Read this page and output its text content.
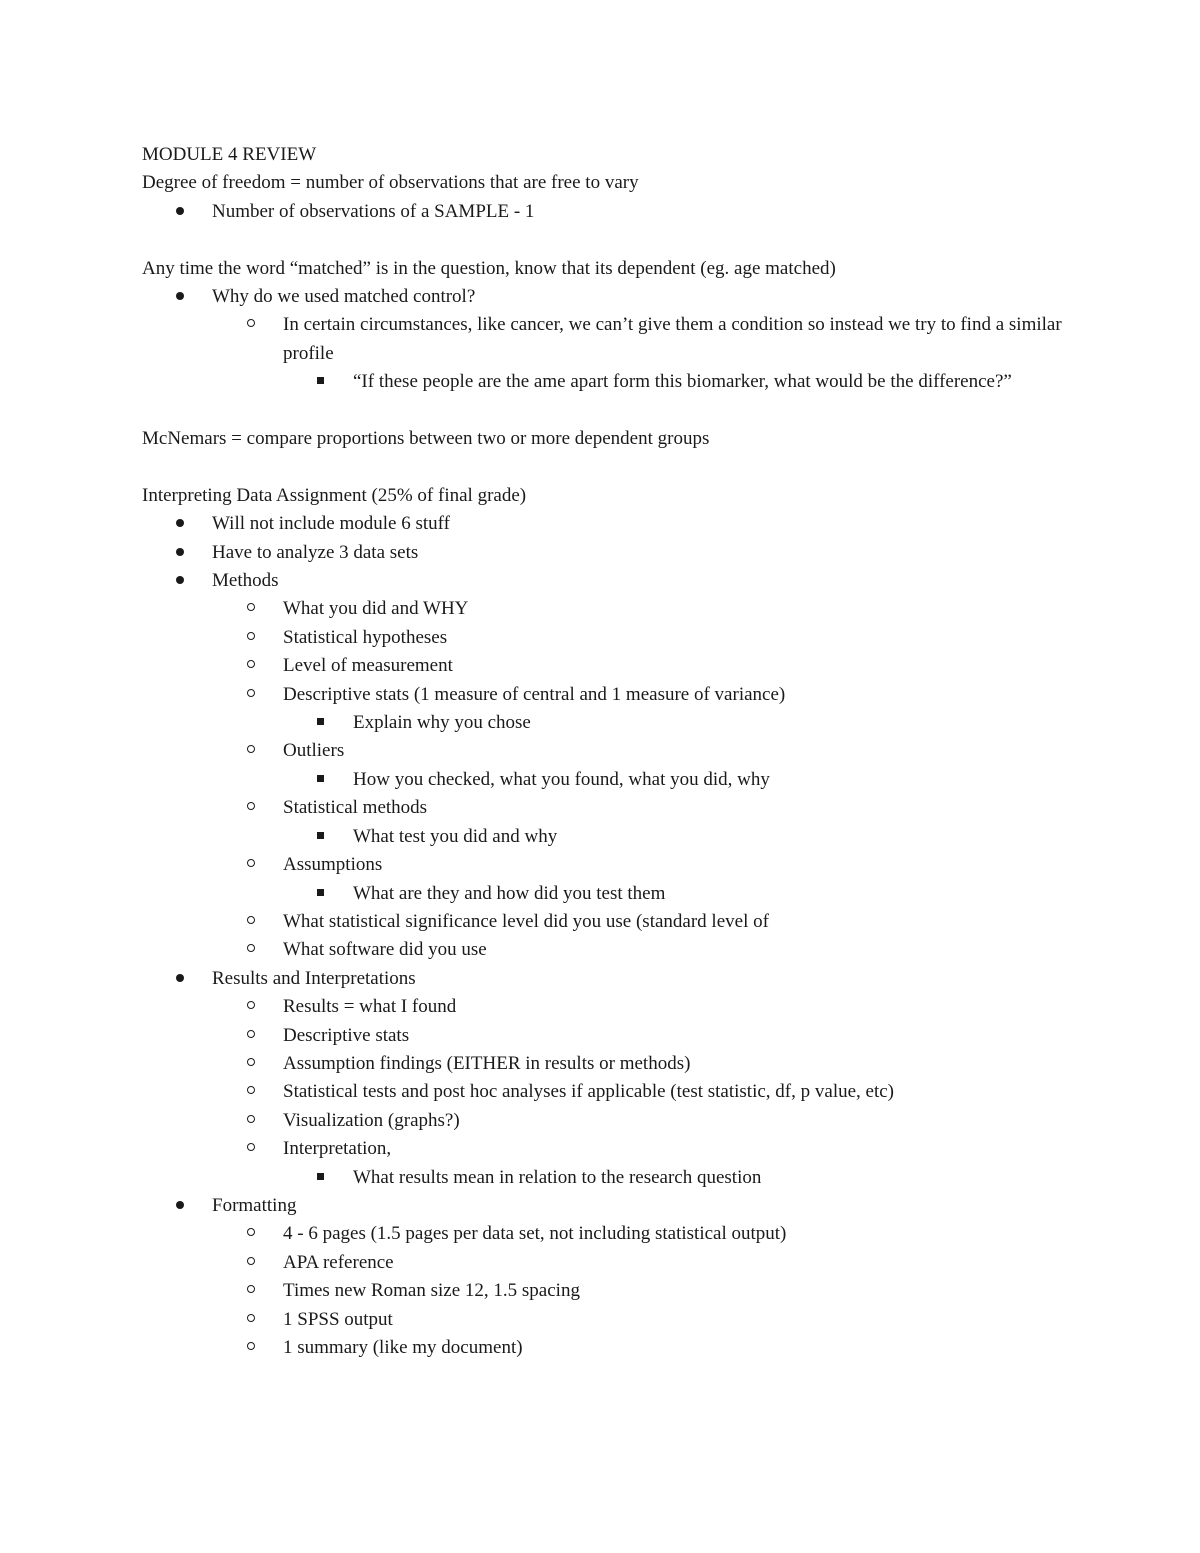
MODULE 4 REVIEW
Degree of freedom = number of observations that are free to vary
Number of observations of a SAMPLE - 1
Any time the word “matched” is in the question, know that its dependent (eg. age matched)
Why do we used matched control?
In certain circumstances, like cancer, we can’t give them a condition so instead we try to find a similar profile
“If these people are the ame apart form this biomarker, what would be the difference?”
McNemars = compare proportions between two or more dependent groups
Interpreting Data Assignment (25% of final grade)
Will not include module 6 stuff
Have to analyze 3 data sets
Methods
What you did and WHY
Statistical hypotheses
Level of measurement
Descriptive stats (1 measure of central and 1 measure of variance)
Explain why you chose
Outliers
How you checked, what you found, what you did, why
Statistical methods
What test you did and why
Assumptions
What are they and how did you test them
What statistical significance level did you use (standard level of
What software did you use
Results and Interpretations
Results = what I found
Descriptive stats
Assumption findings (EITHER in results or methods)
Statistical tests and post hoc analyses if applicable (test statistic, df, p value, etc)
Visualization (graphs?)
Interpretation,
What results mean in relation to the research question
Formatting
4 - 6 pages (1.5 pages per data set, not including statistical output)
APA reference
Times new Roman size 12, 1.5 spacing
1 SPSS output
1 summary (like my document)
